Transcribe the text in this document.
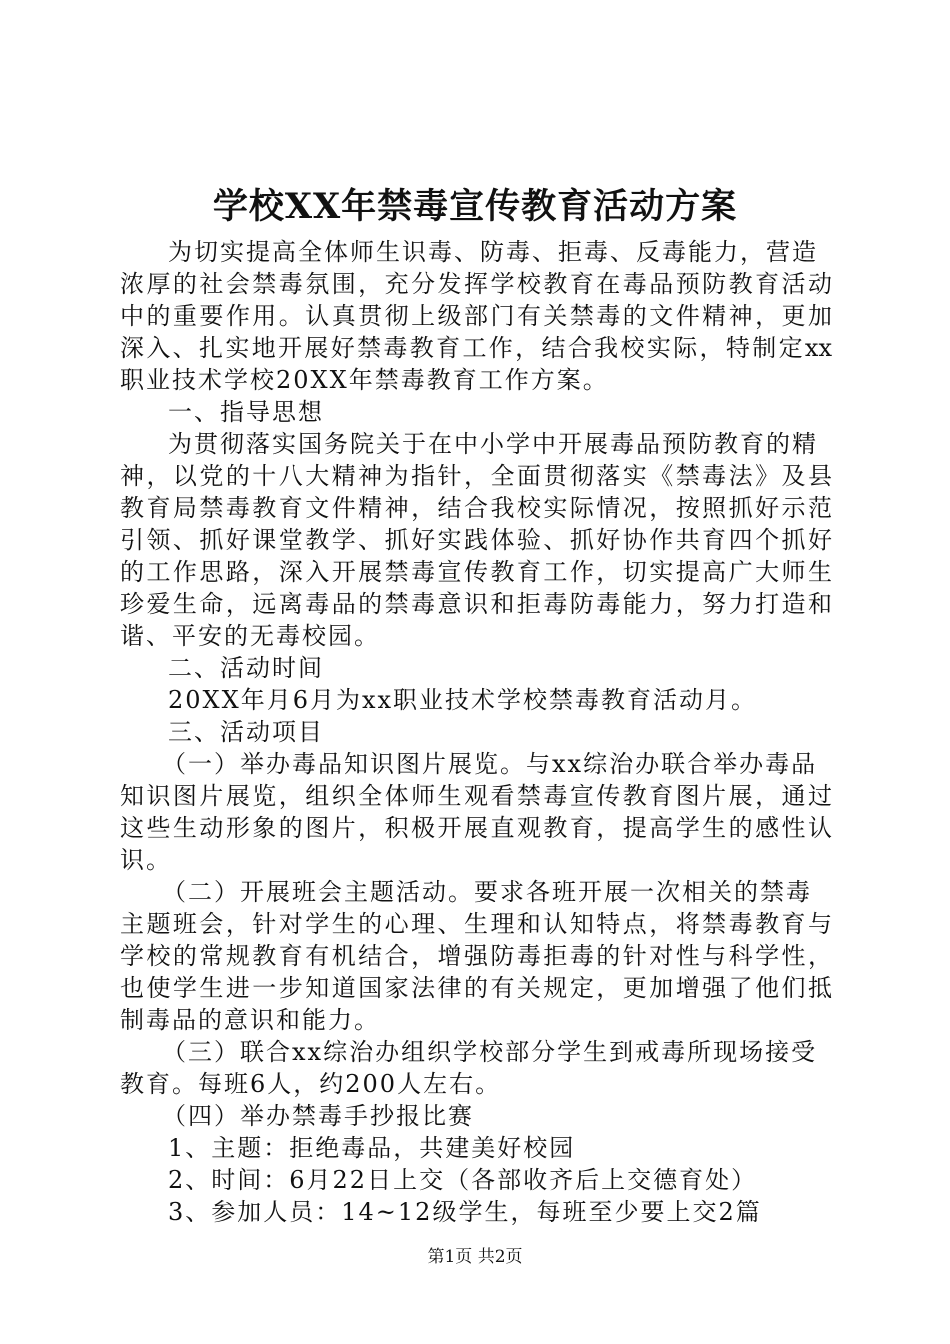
学校XX年禁毒宣传教育活动方案
为切实提高全体师生识毒、防毒、拒毒、反毒能力，营造
浓厚的社会禁毒氛围，充分发挥学校教育在毒品预防教育活动
中的重要作用。认真贯彻上级部门有关禁毒的文件精神，更加
深入、扎实地开展好禁毒教育工作，结合我校实际，特制定xx
职业技术学校20XX年禁毒教育工作方案。
一、指导思想
为贯彻落实国务院关于在中小学中开展毒品预防教育的精
神，以党的十八大精神为指针，全面贯彻落实《禁毒法》及县
教育局禁毒教育文件精神，结合我校实际情况，按照抓好示范
引领、抓好课堂教学、抓好实践体验、抓好协作共育四个抓好
的工作思路，深入开展禁毒宣传教育工作，切实提高广大师生
珍爱生命，远离毒品的禁毒意识和拒毒防毒能力，努力打造和
谐、平安的无毒校园。
二、活动时间
20XX年月6月为xx职业技术学校禁毒教育活动月。
三、活动项目
（一）举办毒品知识图片展览。与xx综治办联合举办毒品
知识图片展览，组织全体师生观看禁毒宣传教育图片展，通过
这些生动形象的图片，积极开展直观教育，提高学生的感性认
识。
（二）开展班会主题活动。要求各班开展一次相关的禁毒
主题班会，针对学生的心理、生理和认知特点，将禁毒教育与
学校的常规教育有机结合，增强防毒拒毒的针对性与科学性，
也使学生进一步知道国家法律的有关规定，更加增强了他们抵
制毒品的意识和能力。
（三）联合xx综治办组织学校部分学生到戒毒所现场接受
教育。每班6人，约200人左右。
（四）举办禁毒手抄报比赛
1、主题：拒绝毒品，共建美好校园
2、时间：6月22日上交（各部收齐后上交德育处）
3、参加人员：14~12级学生，每班至少要上交2篇
第1页 共2页
